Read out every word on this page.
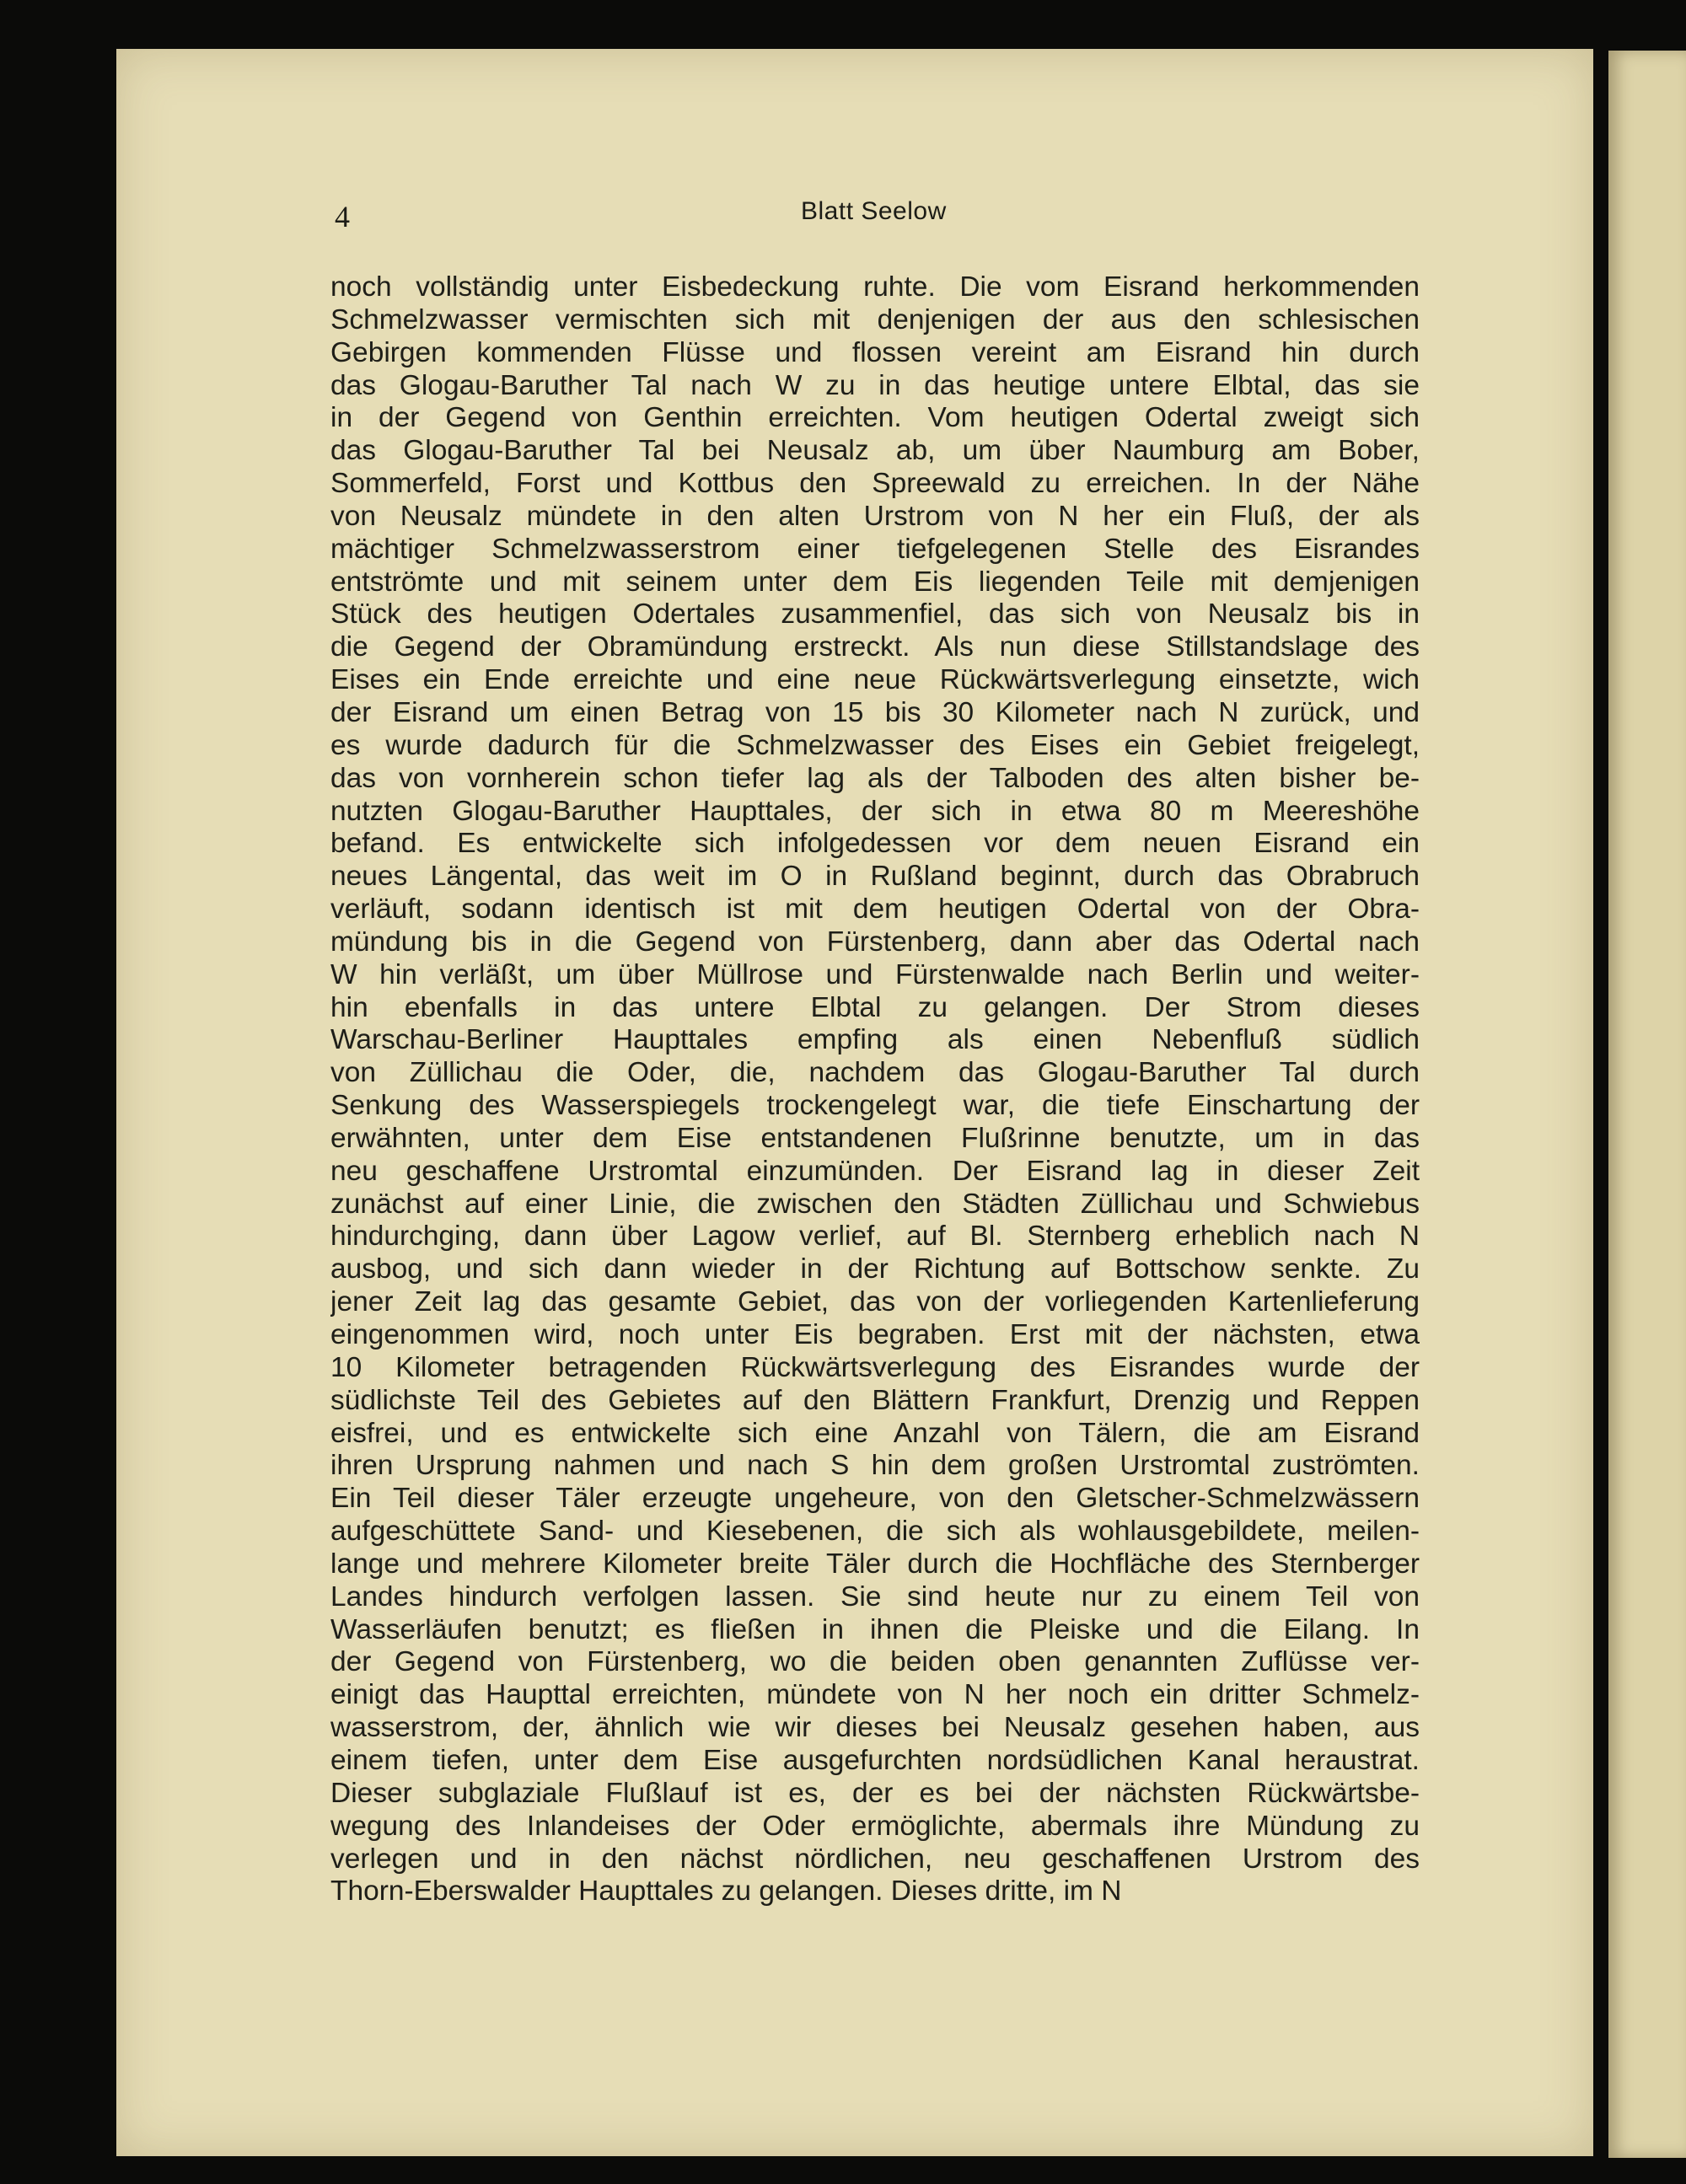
4	Blatt Seelow

noch vollständig unter Eisbedeckung ruhte. Die vom Eisrand herkommenden
Schmelzwasser vermischten sich mit denjenigen der aus den schlesischen
Gebirgen kommenden Flüsse und flossen vereint am Eisrand hin durch
das Glogau-Baruther Tal nach W zu in das heutige untere Elbtal, das sie
in der Gegend von Genthin erreichten. Vom heutigen Odertal zweigt sich
das Glogau-Baruther Tal bei Neusalz ab, um über Naumburg am Bober,
Sommerfeld, Forst und Kottbus den Spreewald zu erreichen. In der Nähe
von Neusalz mündete in den alten Urstrom von N her ein Fluß, der als
mächtiger Schmelzwasserstrom einer tiefgelegenen Stelle des Eisrandes
entströmte und mit seinem unter dem Eis liegenden Teile mit demjenigen
Stück des heutigen Odertales zusammenfiel, das sich von Neusalz bis in
die Gegend der Obramündung erstreckt. Als nun diese Stillstandslage des
Eises ein Ende erreichte und eine neue Rückwärtsverlegung einsetzte, wich
der Eisrand um einen Betrag von 15 bis 30 Kilometer nach N zurück, und
es wurde dadurch für die Schmelzwasser des Eises ein Gebiet freigelegt,
das von vornherein schon tiefer lag als der Talboden des alten bisher be-
nutzten Glogau-Baruther Haupttales, der sich in etwa 80 m Meereshöhe
befand. Es entwickelte sich infolgedessen vor dem neuen Eisrand ein
neues Längental, das weit im O in Rußland beginnt, durch das Obrabruch
verläuft, sodann identisch ist mit dem heutigen Odertal von der Obra-
mündung bis in die Gegend von Fürstenberg, dann aber das Odertal nach
W hin verläßt, um über Müllrose und Fürstenwalde nach Berlin und weiter-
hin ebenfalls in das untere Elbtal zu gelangen. Der Strom dieses
Warschau-Berliner Haupttales empfing als einen Nebenfluß südlich
von Züllichau die Oder, die, nachdem das Glogau-Baruther Tal durch
Senkung des Wasserspiegels trockengelegt war, die tiefe Einschartung der
erwähnten, unter dem Eise entstandenen Flußrinne benutzte, um in das
neu geschaffene Urstromtal einzumünden. Der Eisrand lag in dieser Zeit
zunächst auf einer Linie, die zwischen den Städten Züllichau und Schwiebus
hindurchging, dann über Lagow verlief, auf Bl. Sternberg erheblich nach N
ausbog, und sich dann wieder in der Richtung auf Bottschow senkte. Zu
jener Zeit lag das gesamte Gebiet, das von der vorliegenden Kartenlieferung
eingenommen wird, noch unter Eis begraben. Erst mit der nächsten, etwa
10 Kilometer betragenden Rückwärtsverlegung des Eisrandes wurde der
südlichste Teil des Gebietes auf den Blättern Frankfurt, Drenzig und Reppen
eisfrei, und es entwickelte sich eine Anzahl von Tälern, die am Eisrand
ihren Ursprung nahmen und nach S hin dem großen Urstromtal zuströmten.
Ein Teil dieser Täler erzeugte ungeheure, von den Gletscher-Schmelzwässern
aufgeschüttete Sand- und Kiesebenen, die sich als wohlausgebildete, meilen-
lange und mehrere Kilometer breite Täler durch die Hochfläche des Sternberger
Landes hindurch verfolgen lassen. Sie sind heute nur zu einem Teil von
Wasserläufen benutzt; es fließen in ihnen die Pleiske und die Eilang. In
der Gegend von Fürstenberg, wo die beiden oben genannten Zuflüsse ver-
einigt das Haupttal erreichten, mündete von N her noch ein dritter Schmelz-
wasserstrom, der, ähnlich wie wir dieses bei Neusalz gesehen haben, aus
einem tiefen, unter dem Eise ausgefurchten nordsüdlichen Kanal heraustrat.
Dieser subglaziale Flußlauf ist es, der es bei der nächsten Rückwärtsbe-
wegung des Inlandeises der Oder ermöglichte, abermals ihre Mündung zu
verlegen und in den nächst nördlichen, neu geschaffenen Urstrom des
Thorn-Eberswalder Haupttales zu gelangen. Dieses dritte, im N
